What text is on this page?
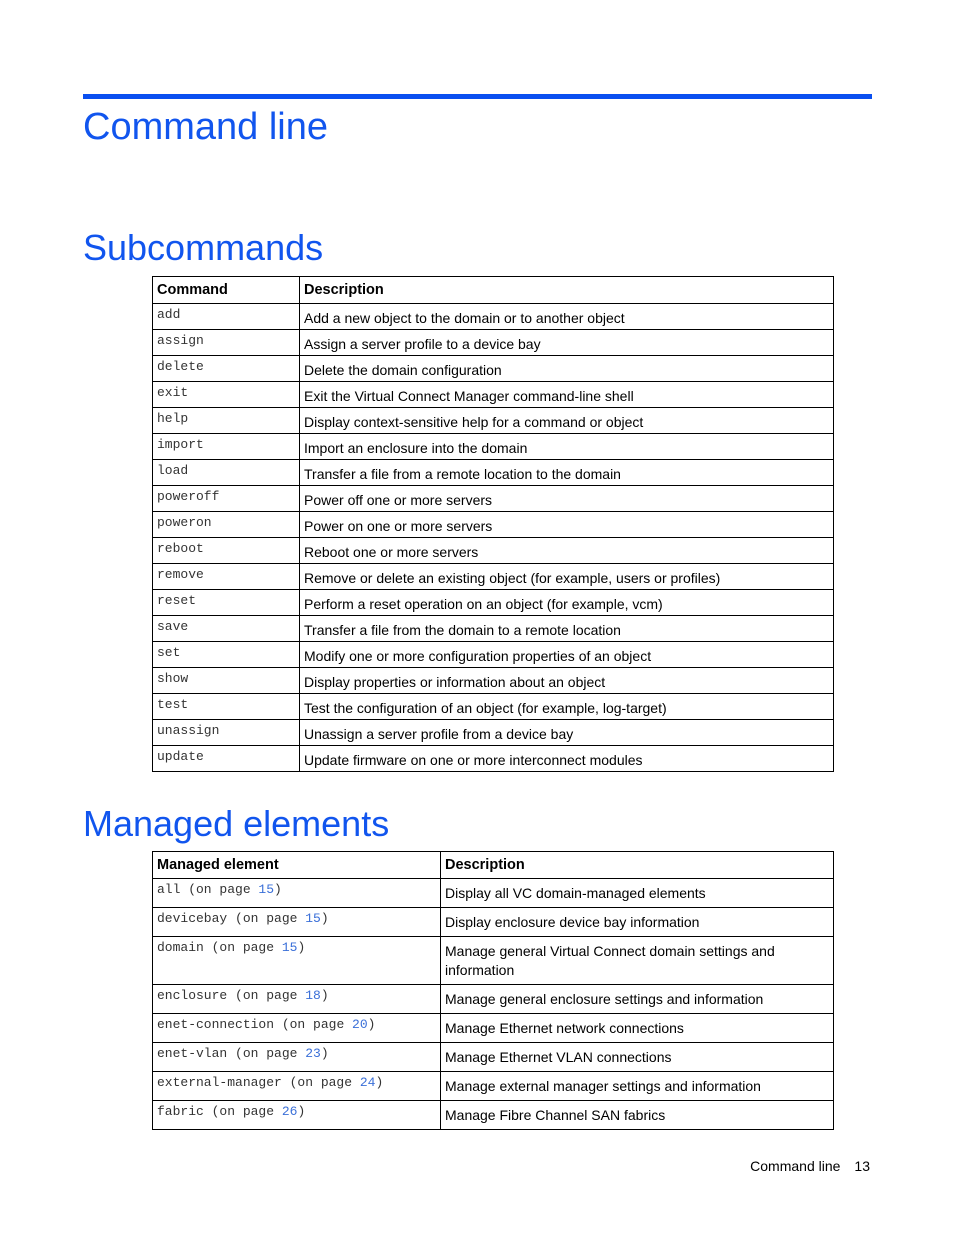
Command line
Subcommands
Command	Description
add	Add a new object to the domain or to another object
assign	Assign a server profile to a device bay
delete	Delete the domain configuration
exit	Exit the Virtual Connect Manager command-line shell
help	Display context-sensitive help for a command or object
import	Import an enclosure into the domain
load	Transfer a file from a remote location to the domain
poweroff	Power off one or more servers
poweron	Power on one or more servers
reboot	Reboot one or more servers
remove	Remove or delete an existing object (for example, users or profiles)
reset	Perform a reset operation on an object (for example, vcm)
save	Transfer a file from the domain to a remote location
set	Modify one or more configuration properties of an object
show	Display properties or information about an object
test	Test the configuration of an object (for example, log-target)
unassign	Unassign a server profile from a device bay
update	Update firmware on one or more interconnect modules
Managed elements
Managed element	Description
all (on page 15)	Display all VC domain-managed elements
devicebay (on page 15)	Display enclosure device bay information
domain (on page 15)	Manage general Virtual Connect domain settings and information
enclosure (on page 18)	Manage general enclosure settings and information
enet-connection (on page 20)	Manage Ethernet network connections
enet-vlan (on page 23)	Manage Ethernet VLAN connections
external-manager (on page 24)	Manage external manager settings and information
fabric (on page 26)	Manage Fibre Channel SAN fabrics
Command line 13
